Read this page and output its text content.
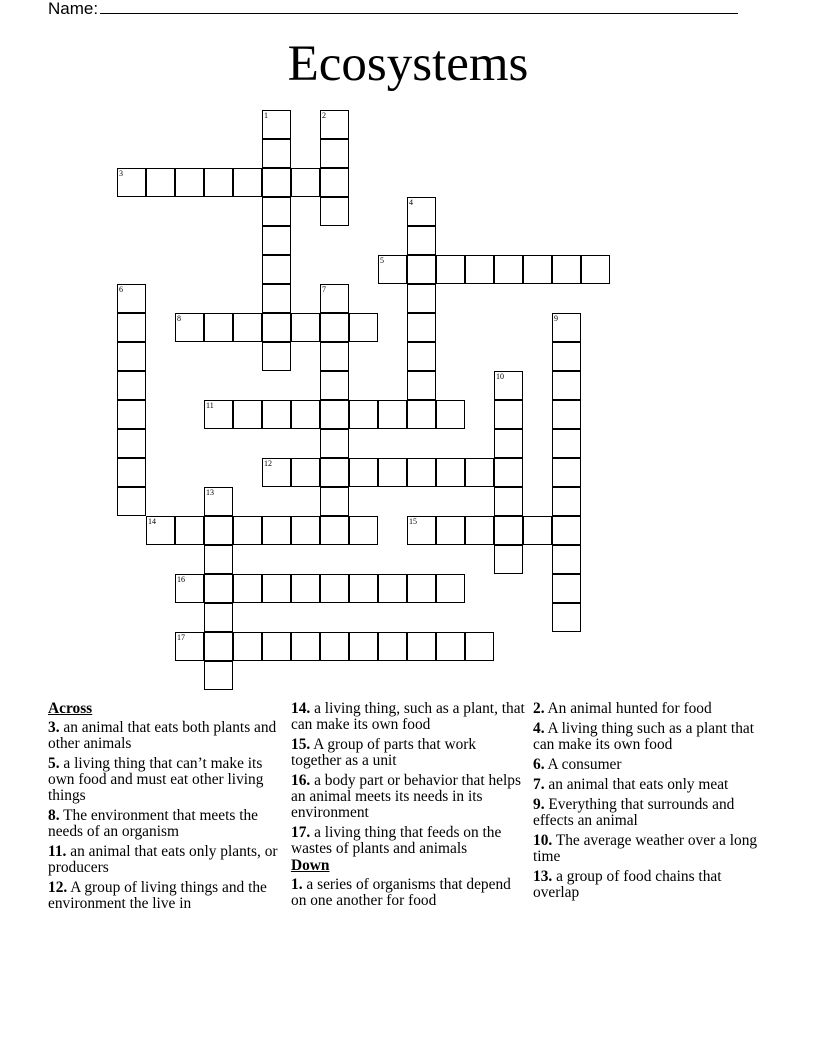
Name:
Ecosystems
3
5
8
11
12
14	15
16
17
1	2
4
6	7
9
10
13
Across
3. an animal that eats both plants and other animals
5. a living thing that can’t make its own food and must eat other living things
8. The environment that meets the needs of an organism
11. an animal that eats only plants, or producers
12. A group of living things and the environment the live in
14. a living thing, such as a plant, that can make its own food
15. A group of parts that work together as a unit
16. a body part or behavior that helps an animal meets its needs in its environment
17. a living thing that feeds on the wastes of plants and animals
Down
1. a series of organisms that depend on one another for food
2. An animal hunted for food
4. A living thing such as a plant that can make its own food
6. A consumer
7. an animal that eats only meat
9. Everything that surrounds and effects an animal
10. The average weather over a long time
13. a group of food chains that overlap
